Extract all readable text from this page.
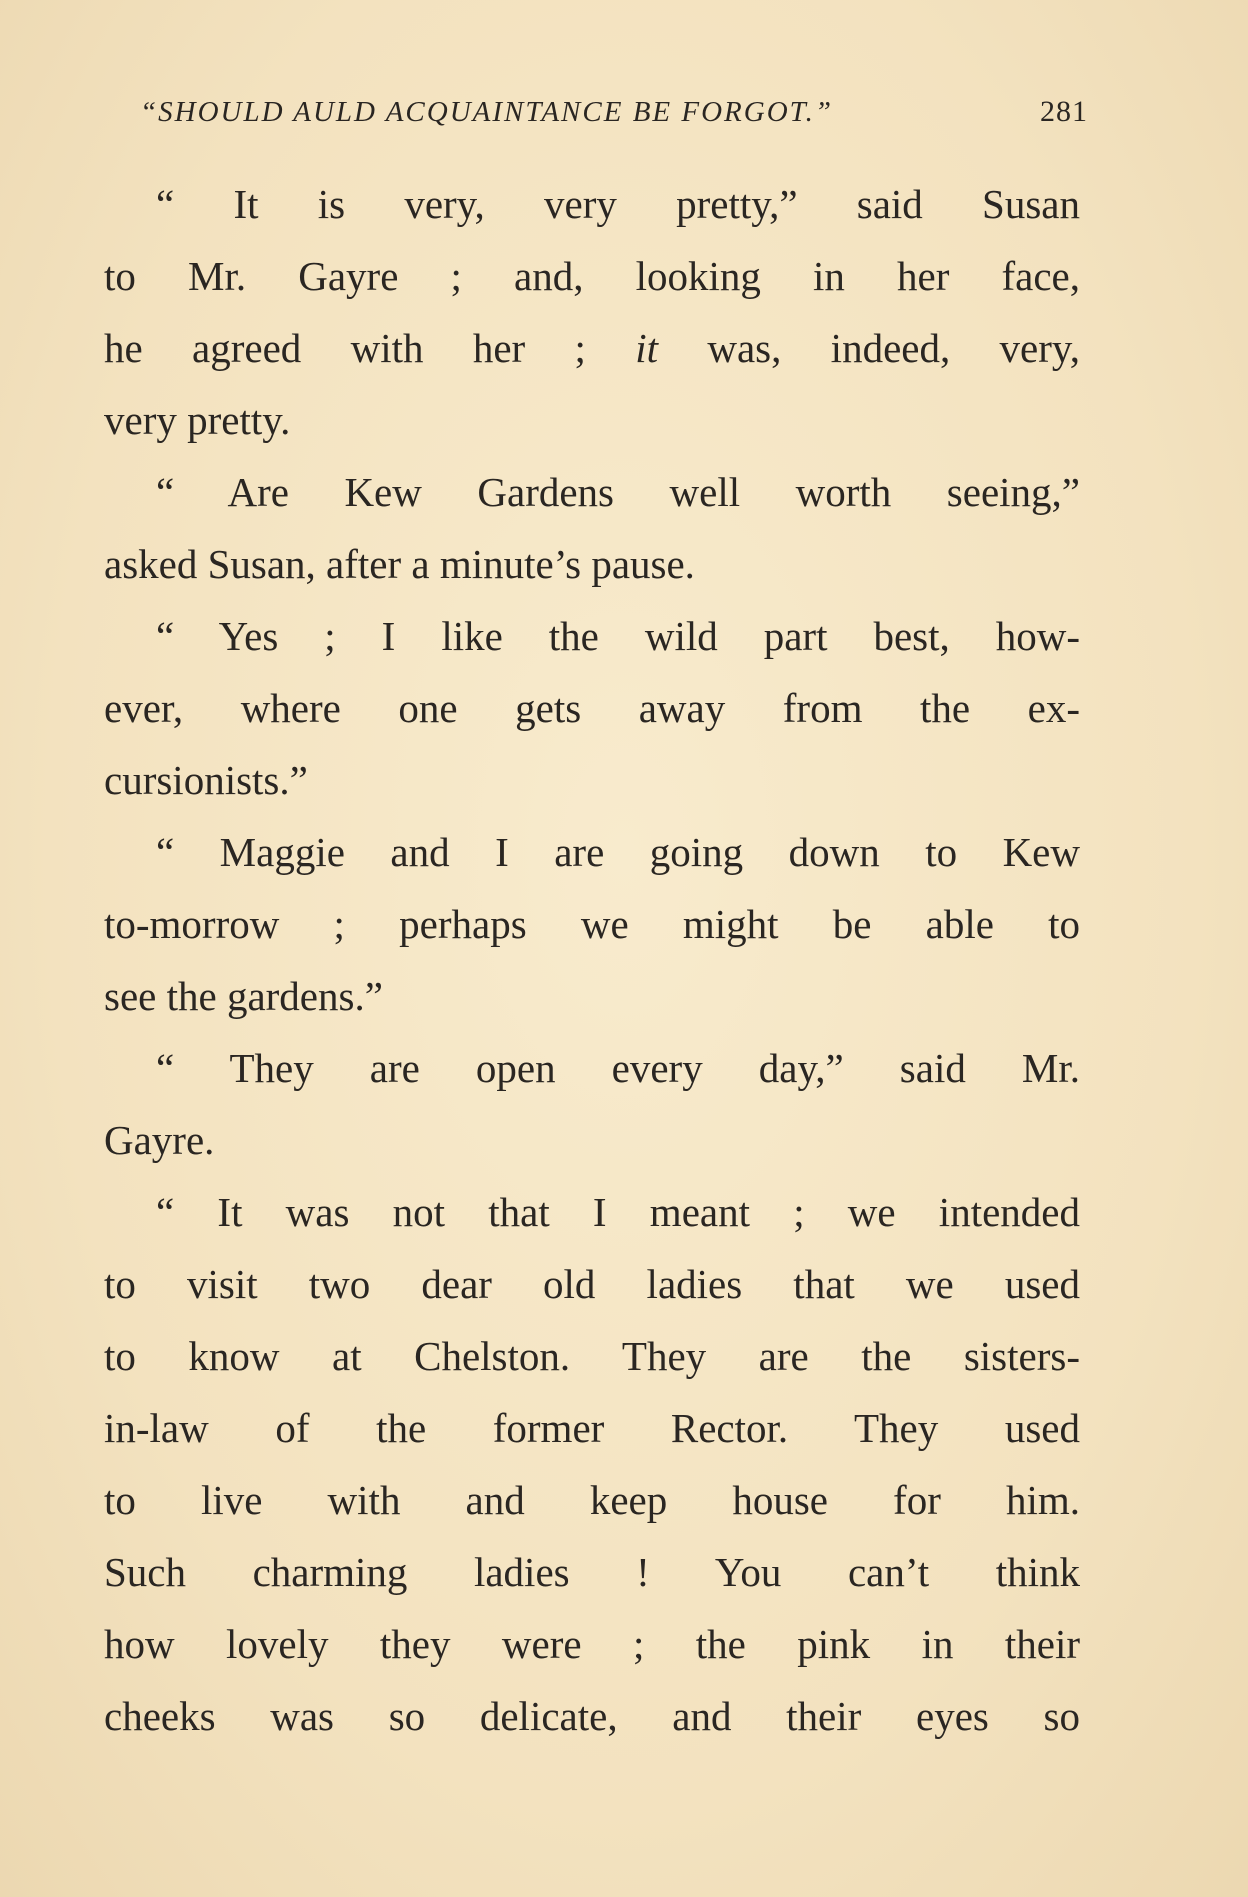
“SHOULD AULD ACQUAINTANCE BE FORGOT.”	281
“ It is very, very pretty,” said Susan
to Mr. Gayre ; and, looking in her face,
he agreed with her ; it was, indeed, very,
very pretty.
“ Are Kew Gardens well worth seeing,”
asked Susan, after a minute’s pause.
“ Yes ; I like the wild part best, how-
ever, where one gets away from the ex-
cursionists.”
“ Maggie and I are going down to Kew
to-morrow ; perhaps we might be able to
see the gardens.”
“ They are open every day,” said Mr.
Gayre.
“ It was not that I meant ; we intended
to visit two dear old ladies that we used
to know at Chelston. They are the sisters-
in-law of the former Rector. They used
to live with and keep house for him.
Such charming ladies ! You can’t think
how lovely they were ; the pink in their
cheeks was so delicate, and their eyes so
